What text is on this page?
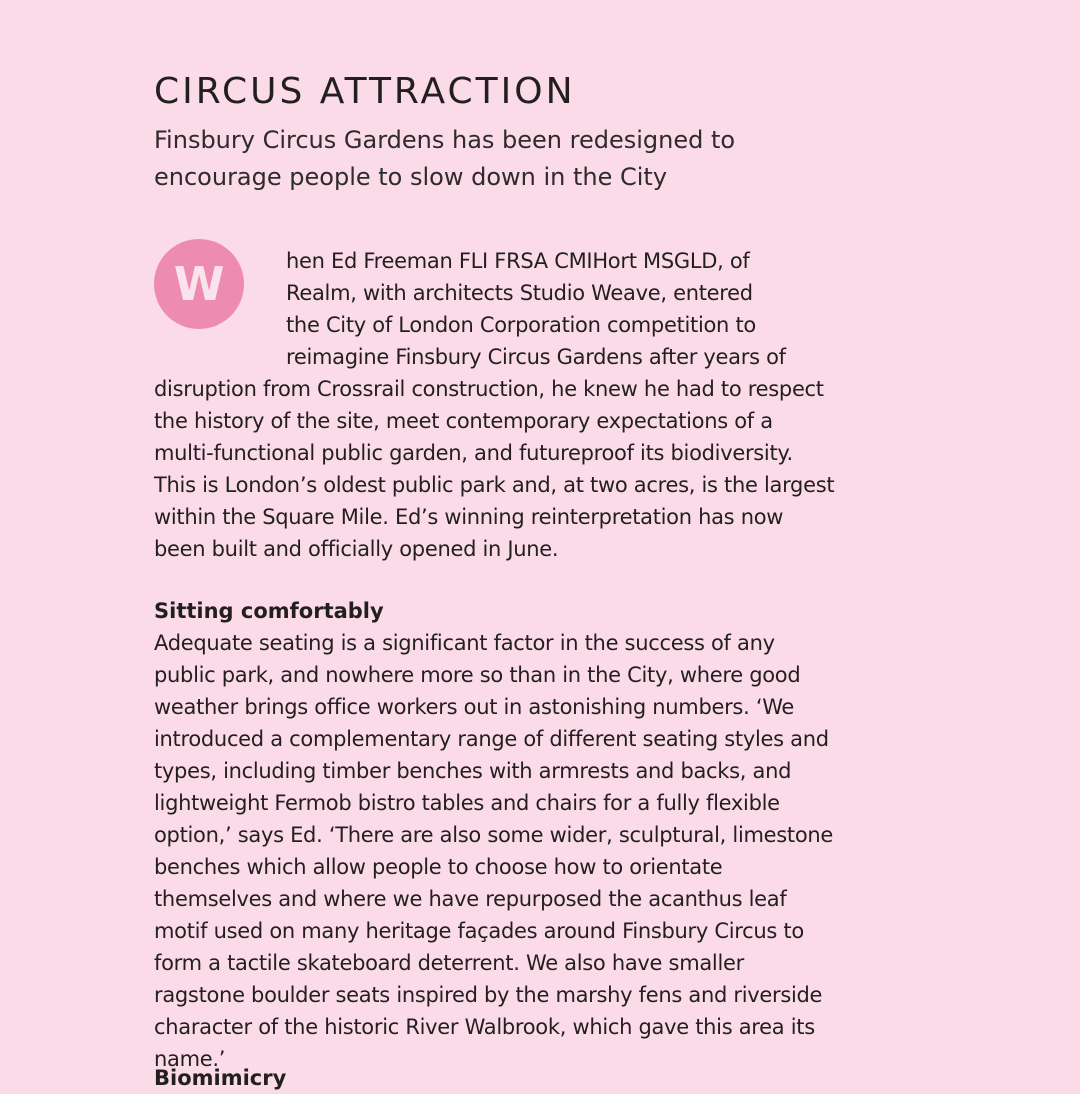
CIRCUS ATTRACTION

Finsbury Circus Gardens has been redesigned to encourage people to slow down in the City

W	hen Ed Freeman FLI FRSA CMIHort MSGLD, of
Realm, with architects Studio Weave, entered
the City of London Corporation competition to
reimagine Finsbury Circus Gardens after years of
disruption from Crossrail construction, he knew he had to respect
the history of the site, meet contemporary expectations of a
multi-functional public garden, and futureproof its biodiversity.
This is London’s oldest public park and, at two acres, is the largest
within the Square Mile. Ed’s winning reinterpretation has now
been built and officially opened in June.
Sitting comfortably

Adequate seating is a significant factor in the success of any public park, and nowhere more so than in the City, where good weather brings office workers out in astonishing numbers. ‘We introduced a complementary range of different seating styles and types, including timber benches with armrests and backs, and lightweight Fermob bistro tables and chairs for a fully flexible option,’ says Ed. ‘There are also some wider, sculptural, limestone benches which allow people to choose how to orientate themselves and where we have repurposed the acanthus leaf motif used on many heritage façades around Finsbury Circus to form a tactile skateboard deterrent. We also have smaller ragstone boulder seats inspired by the marshy fens and riverside character of the historic River Walbrook, which gave this area its name.’

Biomimicry
